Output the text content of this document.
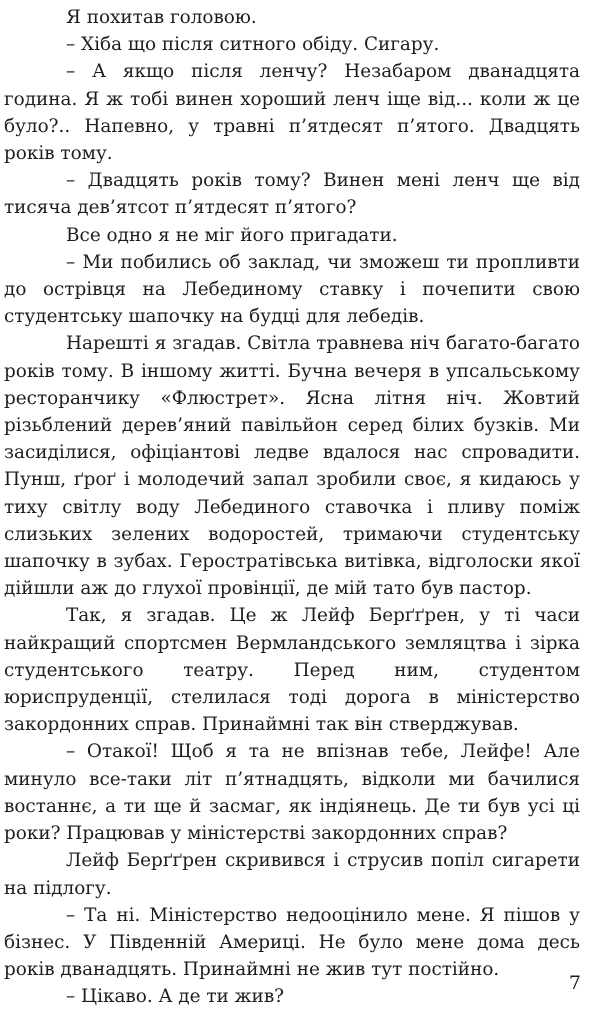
Я похитав головою.

– Хіба що після ситного обіду. Сигару.

– А якщо після ленчу? Незабаром дванадцята година. Я ж тобі винен хороший ленч іще від... коли ж це було?.. Напевно, у травні п’ятдесят п’ятого. Двадцять років тому.

– Двадцять років тому? Винен мені ленч ще від тисяча дев’ятсот п’ятдесят п’ятого?

Все одно я не міг його пригадати.

– Ми побились об заклад, чи зможеш ти пропливти до острівця на Лебединому ставку і почепити свою студентську шапочку на будці для лебедів.

Нарешті я згадав. Світла травнева ніч багато-багато років тому. В іншому житті. Бучна вечеря в упсальському ресторанчику «Флюстрет». Ясна літня ніч. Жовтий різьблений дерев’яний павільйон серед білих бузків. Ми засиділися, офіціантові ледве вдалося нас спровадити. Пунш, ґроґ і молодечий запал зробили своє, я кидаюсь у тиху світлу воду Лебединого ставочка і пливу поміж слизьких зелених водоростей, тримаючи студентську шапочку в зубах. Геростратівська витівка, відголоски якої дійшли аж до глухої провінції, де мій тато був пастор.

Так, я згадав. Це ж Лейф Берґґрен, у ті часи найкращий спортсмен Вермландського земляцтва і зірка студентського театру. Перед ним, студентом юриспруденції, стелилася тоді дорога в міністерство закордонних справ. Принаймні так він стверджував.

– Отакої! Щоб я та не впізнав тебе, Лейфе! Але минуло все-таки літ п’ятнадцять, відколи ми бачилися востаннє, а ти ще й засмаг, як індіянець. Де ти був усі ці роки? Працював у міністерстві закордонних справ?

Лейф Берґґрен скривився і струсив попіл сигарети на підлогу.

– Та ні. Міністерство недооцінило мене. Я пішов у бізнес. У Південній Америці. Не було мене дома десь років дванадцять. Принаймні не жив тут постійно.

– Цікаво. А де ти жив?

7
